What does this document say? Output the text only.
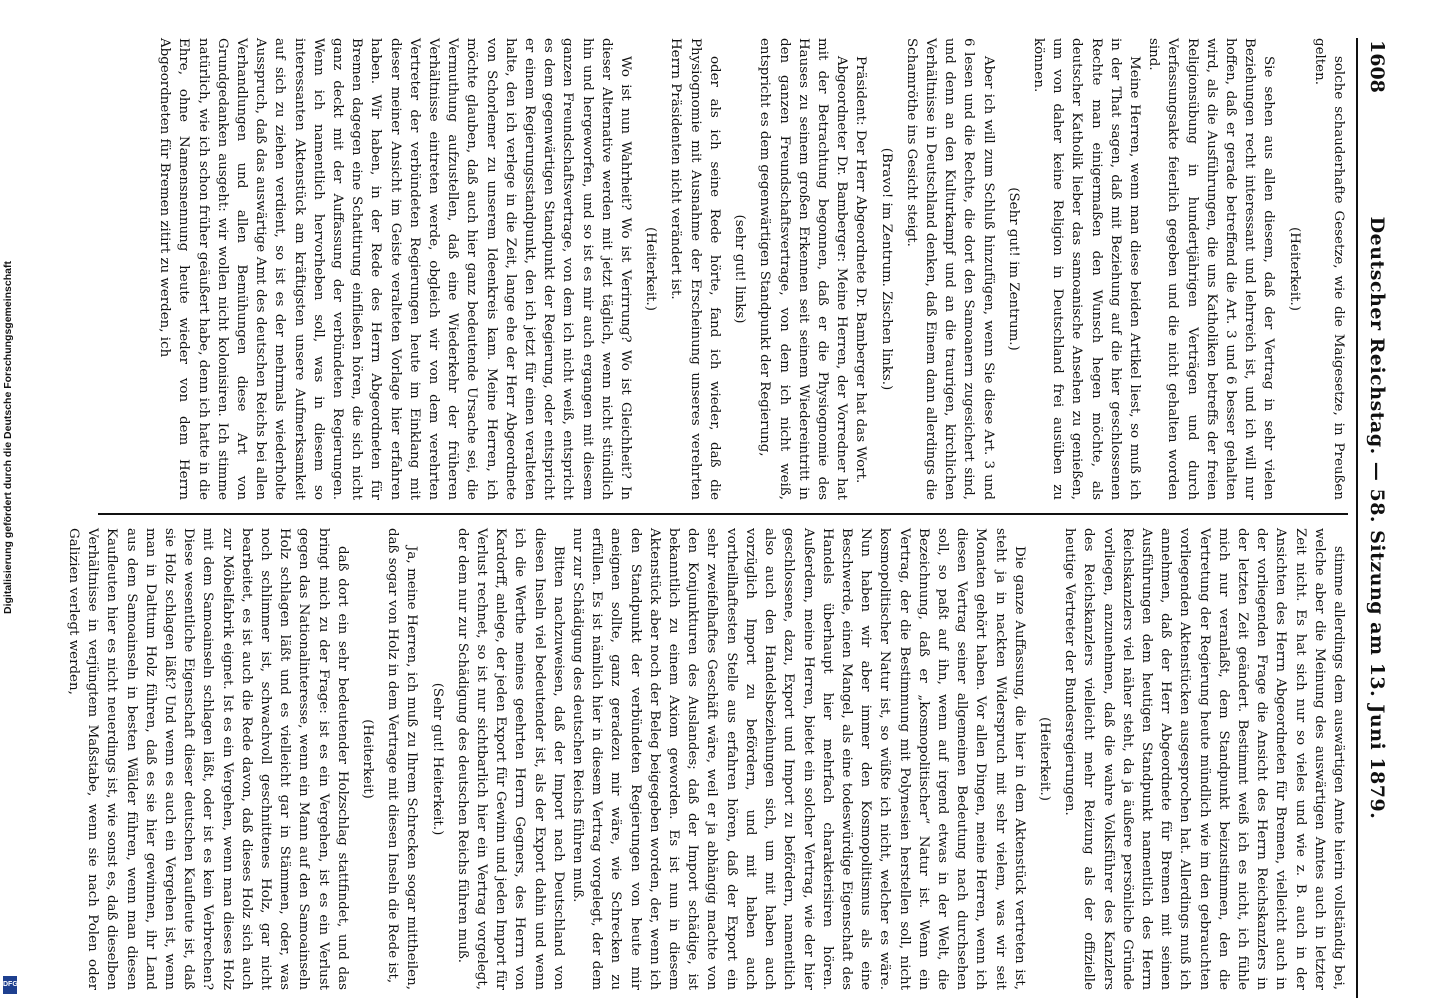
1608
Deutscher Reichstag. — 58. Sitzung am 13. Juni 1879.

solche schauderhafte Gesetze, wie die Maigesetze, in Preußen gelten.

(Heiterkeit.)

Sie sehen aus allen diesem, daß der Vertrag in sehr vielen Beziehungen recht interessant und lehrreich ist, und ich will nur hoffen, daß er gerade betreffend die Art. 3 und 6 besser gehalten wird, als die Ausführungen, die uns Katholiken betreffs der freien Religionsübung in hundertjährigen Verträgen und durch Verfassungsakte feierlich gegeben und die nicht gehalten worden sind.

Meine Herren, wenn man diese beiden Artikel liest, so muß ich in der That sagen, daß mit Beziehung auf die hier geschlossenen Rechte man einigermaßen den Wunsch hegen möchte, als deutscher Katholik lieber das samoanische Ansehen zu genießen, um von daher keine Religion in Deutschland frei ausüben zu können.

(Sehr gut! im Zentrum.)

Aber ich will zum Schluß hinzufügen, wenn Sie diese Art. 3 und 6 lesen und die Rechte, die dort den Samoanern zugesichert sind, und denn an den Kulturkampf und an die traurigen, kirchlichen Verhältnisse in Deutschland denken, daß Einem dann allerdings die Schamröthe ins Gesicht steigt.

(Bravo! im Zentrum. Zischen links.)

Präsident: Der Herr Abgeordnete Dr. Bamberger hat das Wort.

Abgeordneter Dr. Bamberger: Meine Herren, der Vorredner hat mit der Betrachtung begonnen, daß er die Physiognomie des Hauses zu seinem großen Erkennen seit seinem Wiedereintritt in den ganzen Freundschaftsvertrage, von dem ich nicht weiß, entspricht es dem gegenwärtigen Standpunkt der Regierung,

(sehr gut! links)

oder als ich seine Rede hörte, fand ich wieder, daß die Physiognomie mit Ausnahme der Erscheinung unseres verehrten Herrn Präsidenten nicht verändert ist.

(Heiterkeit.)

Wo ist nun Wahrheit? Wo ist Verirrung? Wo ist Gleichheit? In dieser Alternative werden mit jetzt täglich, wenn nicht stündlich hin und hergeworfen, und so ist es mir auch ergangen mit diesem ganzen Freundschaftsvertrage, von dem ich nicht weiß, entspricht es dem gegenwärtigen Standpunkt der Regierung, oder entspricht er einem Regierungsstandpunkt, den ich jetzt für einen veralteten halte, den ich verlege in die Zeit, lange ehe der Herr Abgeordnete von Schorlemer zu unserem Ideenkreis kam. Meine Herren, ich möchte glauben, daß auch hier ganz bedeutende Ursache sei, die Vermuthung aufzustellen, daß eine Wiederkehr der früheren Verhältnisse eintreten werde, obgleich wir von dem verehrten Vertreter der verbündeten Regierungen heute im Einklang mit dieser meiner Ansicht im Geiste veralteten Vorlage hier erfahren haben. Wir haben, in der Rede des Herrn Abgeordneten für Bremen dagegen eine Schattirung einfließen hören, die sich nicht ganz deckt mit der Auffassung der verbündeten Regierungen. Wenn ich namentlich hervorheben soll, was in diesem so interessanten Aktenstück am kräftigsten unsere Aufmerksamkeit auf sich zu ziehen verdient, so ist es der mehrmals wiederholte Ausspruch, daß das auswärtige Amt des deutschen Reichs bei allen Verhandlungen und allen Bemühungen diese Art von Grundgedanken ausgeht: wir wollen nicht kolonisiren. Ich stimme natürlich, wie ich schon früher geäußert habe, denn ich hatte in die Ehre, ohne Namensnennung heute wieder von dem Herrn Abgeordneten für Bremen zitirt zu werden, ich

stimme allerdings dem auswärtigen Amte hierin vollständig bei, welche aber die Meinung des auswärtigen Amtes auch in letzter Zeit nicht. Es hat sich nur so vieles und wie z. B. auch in der Ansichten des Herrn Abgeordneten für Bremen, vielleicht auch in der vorliegenden Frage die Ansicht des Herrn Reichskanzlers in der letzten Zeit geändert. Bestimmt weiß ich es nicht, ich fühle mich nur veranlaßt, dem Standpunkt beizustimmen, den die Vertretung der Regierung heute mündlich wie im den gebrauchten vorliegenden Aktenstücken ausgesprochen hat. Allerdings muß ich annehmen, daß der Herr Abgeordnete für Bremen mit seinen Ausführungen dem heutigen Standpunkt namentlich des Herrn Reichskanzlers viel näher steht, da ja äußere persönliche Gründe vorliegen, anzunehmen, daß die wahre Volksführer des Kanzlers des Reichskanzlers vielleicht mehr Reizung als der offizielle heutige Vertreter der Bundesregierungen.

(Heiterkeit.)

Die ganze Auffassung, die hier in dem Aktenstück vertreten ist, steht ja in nackten Widerspruch mit sehr vielem, was wir seit Monaten gehört haben. Vor allen Dingen, meine Herren, wenn ich diesen Vertrag seiner allgemeinen Bedeutung nach durchsehen soll, so paßt auf ihn, wenn auf irgend etwas in der Welt, die Bezeichnung, daß er „kosmopolitischer“ Natur ist. Wenn ein Vertrag, der die Bestimmung mit Polynesien herstellen soll, nicht kosmopolitischer Natur ist, so wüßte ich nicht, welcher es wäre. Nun haben wir aber immer den Kosmopolitismus als eine Beschwerde, einen Mangel, als eine todeswürdige Eigenschaft des Handels überhaupt hier mehrfach charakterisiren hören. Außerdem, meine Herren, bietet ein solcher Vertrag, wie der hier geschlossene, dazu, Export und Import zu befördern, namentlich also auch den Handelsbeziehungen sich, um mit haben auch vorzüglich Import zu befördern, und mit haben auch vortheilhaftesten Stelle aus erfahren hören, daß der Export ein sehr zweifelhaftes Geschäft wäre, weil er ja abhängig machte von den Konjunkturen des Auslandes; daß der Import schädige, ist bekanntlich zu einem Axiom geworden. Es ist nun in diesem Aktenstück aber noch der Beleg beigegeben worden, der, wenn ich den Standpunkt der verbündeten Regierungen von heute mir aneignen sollte, ganz geradezu mir wäre, wie Schrecken zu erfüllen. Es ist nämlich hier in diesem Vertrag vorgelegt, der dem nur zur Schädigung des deutschen Reichs führen muß.

Bitten nachzuweisen, daß der Import nach Deutschland von diesen Inseln viel bedeutender ist, als der Export dahin und wenn ich die Werthe meines geehrten Herrn Gegners, des Herrn von Kardorff, anlege, der jeden Export für Gewinn und jeden Import für Verlust rechnet, so ist nur sichtbarlich hier ein Vertrag vorgelegt, der dem nur zur Schädigung des deutschen Reichs führen muß.

(Sehr gut! Heiterkeit.)

Ja, meine Herren, ich muß zu Ihrem Schrecken sogar mittheilen, daß sogar von Holz in dem Vertrage mit diesen Inseln die Rede ist,

(Heiterkeit)

daß dort ein sehr bedeutender Holzschlag stattfindet, und das bringt mich zu der Frage: ist es ein Vergehen, ist es ein Verlust gegen das Nationalinteresse, wenn ein Mann auf den Samoainseln Holz schlagen läßt und es vielleicht gar in Stämmen, oder, was noch schlimmer ist, schwachvoll geschnittenes Holz, gar nicht bearbeitet, es ist auch die Rede davon, daß dieses Holz sich auch zur Möbelfabrik eignet. Ist es ein Vergehen, wenn man dieses Holz mit dem Samoainseln schlagen läßt, oder ist es kein Verbrechen? Diese wesentliche Eigenschaft dieser deutschen Kaufleute ist, daß sie Holz schlagen läßt? Und wenn es auch ein Vergehen ist, wenn man in Dalttum Holz führen, daß es sie hier gewinnen, ihr Land aus dem Samoainseln in besten Wälder führen, wenn man diesen Kaufleuten hier es nicht neuerdings ist, wie sonst es, daß dieselben Verhältnisse in verjüngtem Maßstabe, wenn sie nach Polen oder Galizien verlegt werden,

Digitalisierung gefördert durch die Deutsche Forschungsgemeinschaft
DFG
